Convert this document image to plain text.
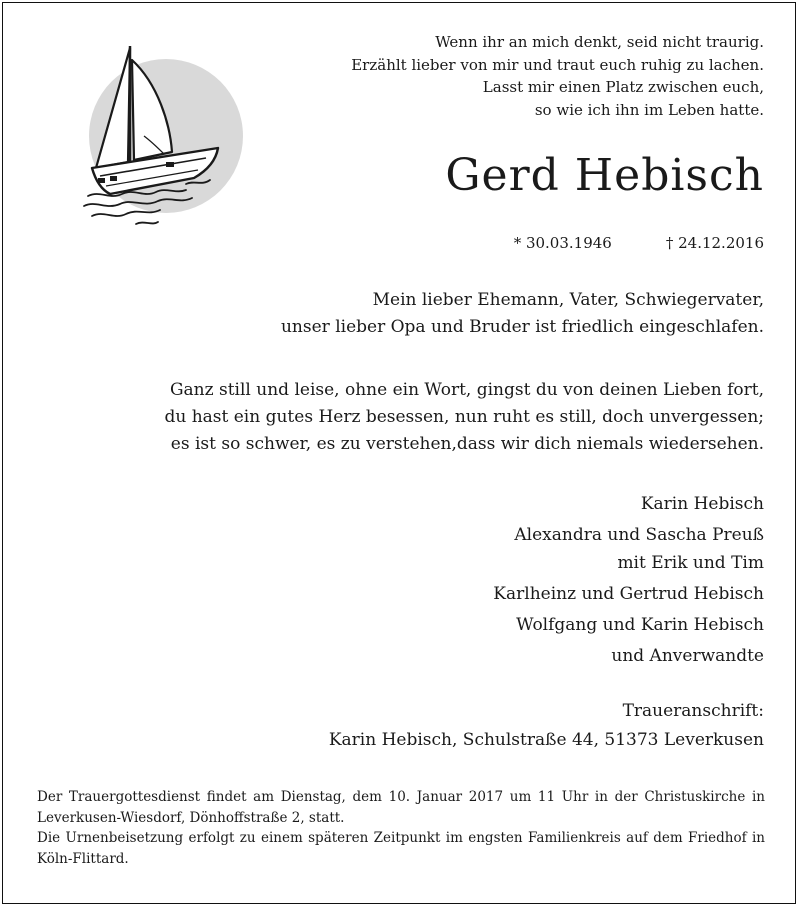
Wenn ihr an mich denkt, seid nicht traurig.
Erzählt lieber von mir und traut euch ruhig zu lachen.
Lasst mir einen Platz zwischen euch,
so wie ich ihn im Leben hatte.
Gerd Hebisch
* 30.03.1946	† 24.12.2016
Mein lieber Ehemann, Vater, Schwiegervater,
unser lieber Opa und Bruder ist friedlich eingeschlafen.
Ganz still und leise, ohne ein Wort, gingst du von deinen Lieben fort,
du hast ein gutes Herz besessen, nun ruht es still, doch unvergessen;
es ist so schwer, es zu verstehen,dass wir dich niemals wiedersehen.
Karin Hebisch
Alexandra und Sascha Preuß
mit Erik und Tim
Karlheinz und Gertrud Hebisch
Wolfgang und Karin Hebisch
und Anverwandte
Traueranschrift:
Karin Hebisch, Schulstraße 44, 51373 Leverkusen

Der Trauergottesdienst findet am Dienstag, dem 10. Januar 2017 um 11 Uhr in der Christuskirche in Leverkusen-Wiesdorf, Dönhoffstraße 2, statt.

Die Urnenbeisetzung erfolgt zu einem späteren Zeitpunkt im engsten Familienkreis auf dem Friedhof in Köln-Flittard.
